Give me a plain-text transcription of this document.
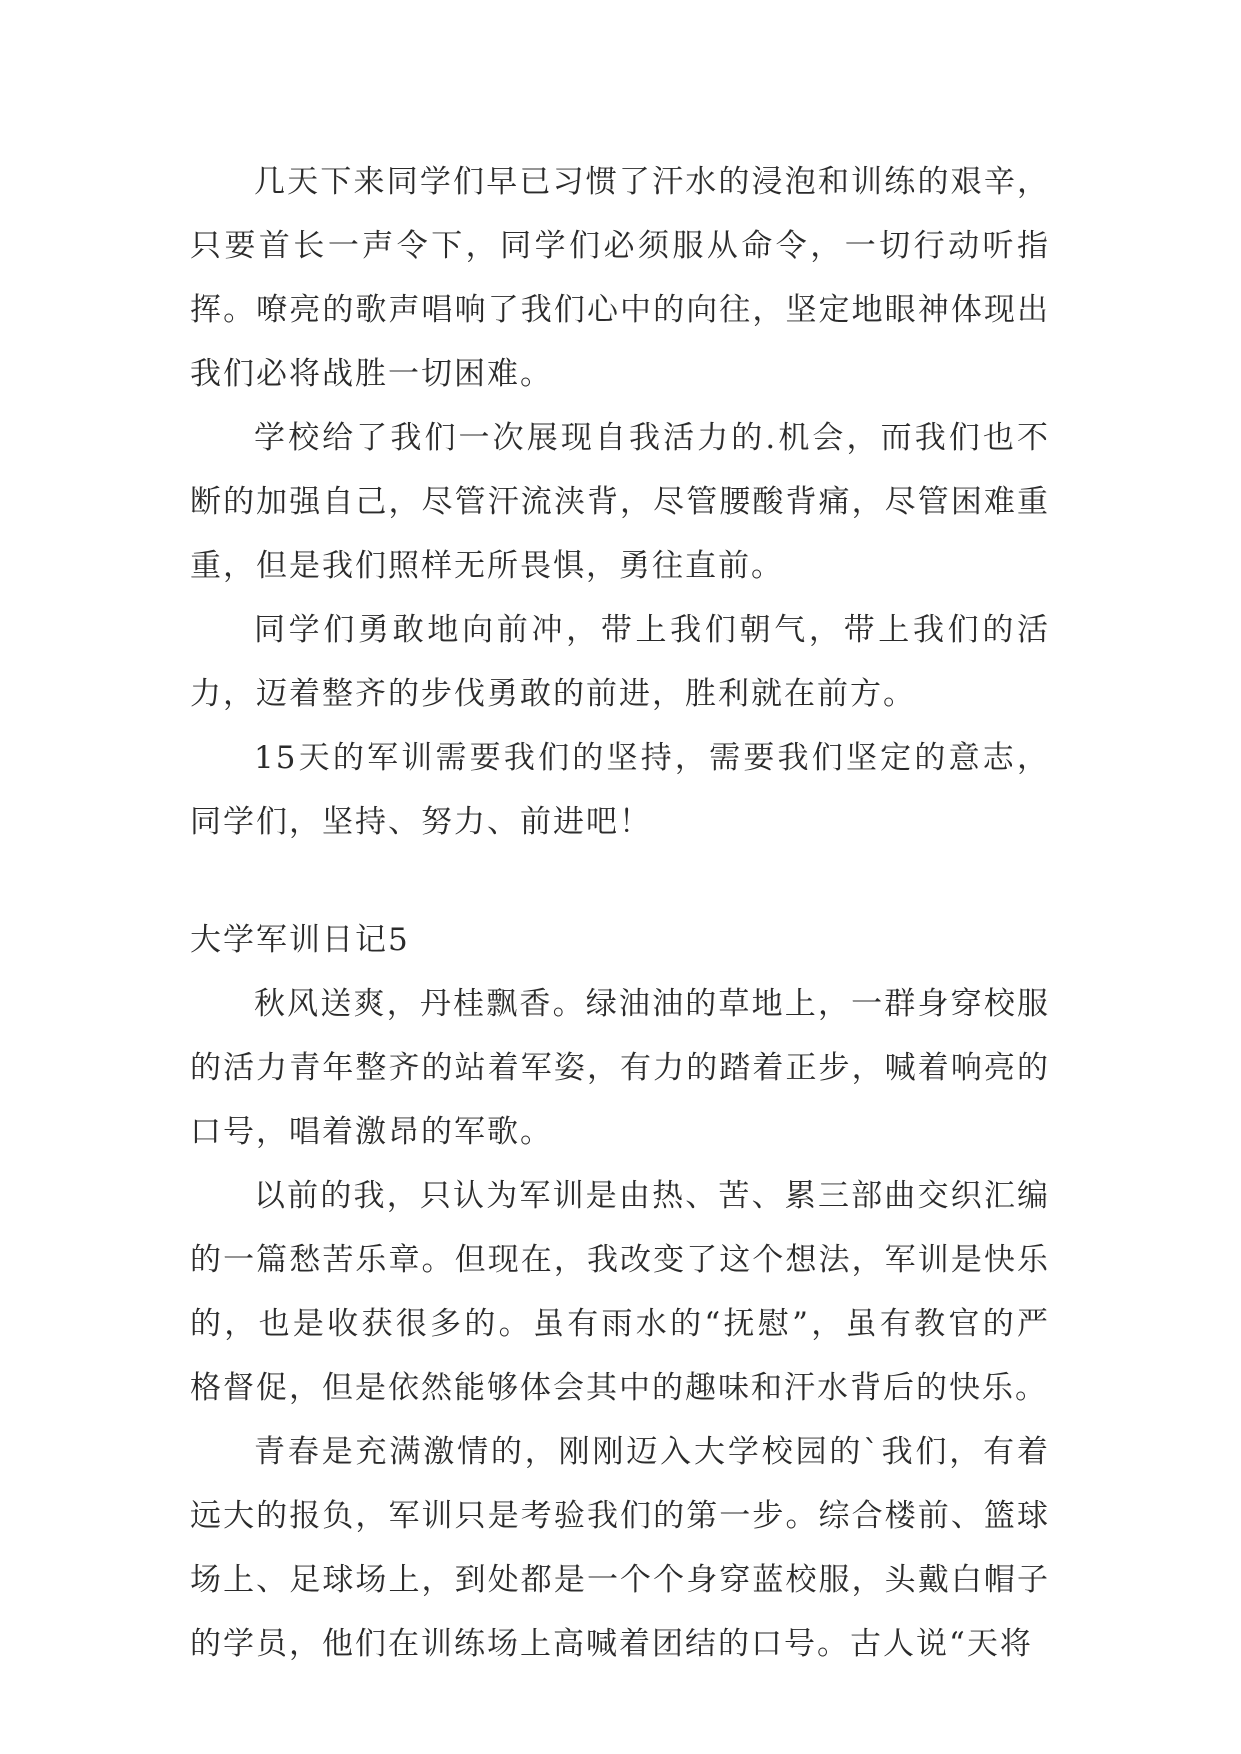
几天下来同学们早已习惯了汗水的浸泡和训练的艰辛，只要首长一声令下，同学们必须服从命令，一切行动听指挥。嘹亮的歌声唱响了我们心中的向往，坚定地眼神体现出我们必将战胜一切困难。

学校给了我们一次展现自我活力的.机会，而我们也不断的加强自己，尽管汗流浃背，尽管腰酸背痛，尽管困难重重，但是我们照样无所畏惧，勇往直前。

同学们勇敢地向前冲，带上我们朝气，带上我们的活力，迈着整齐的步伐勇敢的前进，胜利就在前方。

15天的军训需要我们的坚持，需要我们坚定的意志，同学们，坚持、努力、前进吧！

大学军训日记5

秋风送爽，丹桂飘香。绿油油的草地上，一群身穿校服的活力青年整齐的站着军姿，有力的踏着正步，喊着响亮的口号，唱着激昂的军歌。

以前的我，只认为军训是由热、苦、累三部曲交织汇编的一篇愁苦乐章。但现在，我改变了这个想法，军训是快乐的，也是收获很多的。虽有雨水的“抚慰”，虽有教官的严格督促，但是依然能够体会其中的趣味和汗水背后的快乐。

青春是充满激情的，刚刚迈入大学校园的`我们，有着远大的报负，军训只是考验我们的第一步。综合楼前、篮球场上、足球场上，到处都是一个个身穿蓝校服，头戴白帽子的学员，他们在训练场上高喊着团结的口号。古人说“天将
